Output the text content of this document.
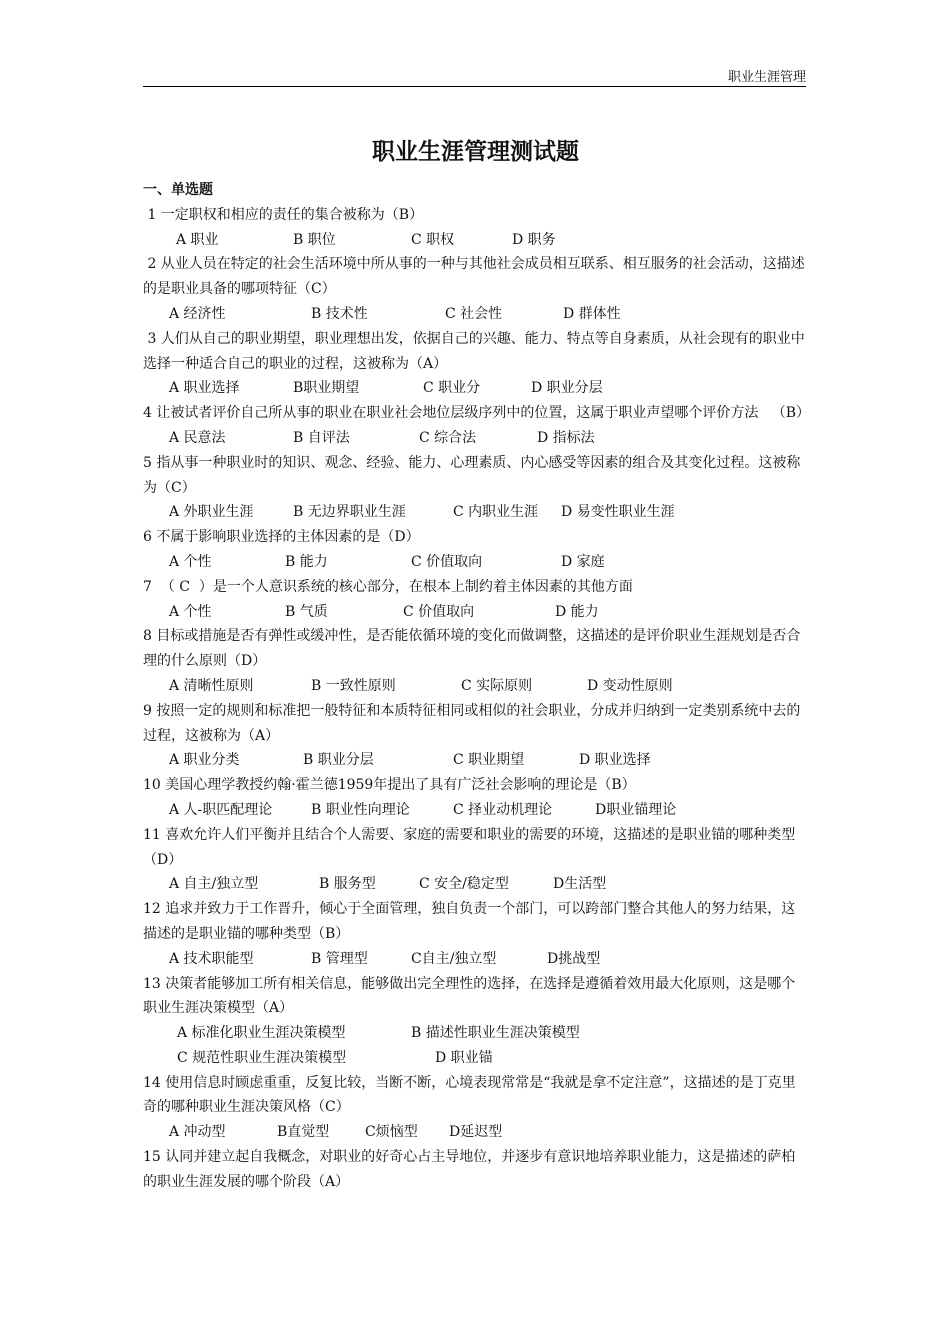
职业生涯管理
职业生涯管理测试题
一、单选题
1 一定职权和相应的责任的集合被称为（B）
A 职业	B 职位	C 职权	D 职务
2 从业人员在特定的社会生活环境中所从事的一种与其他社会成员相互联系、相互服务的社会活动，这描述的是职业具备的哪项特征（C）
A 经济性	B 技术性	C 社会性	D 群体性
3 人们从自己的职业期望，职业理想出发，依据自己的兴趣、能力、特点等自身素质，从社会现有的职业中选择一种适合自己的职业的过程，这被称为（A）
A 职业选择	B职业期望	C 职业分	D 职业分层
4 让被试者评价自己所从事的职业在职业社会地位层级序列中的位置，这属于职业声望哪个评价方法   （B）
A 民意法	B 自评法	C 综合法	D 指标法
5 指从事一种职业时的知识、观念、经验、能力、心理素质、内心感受等因素的组合及其变化过程。这被称为（C）
A 外职业生涯	B 无边界职业生涯	C 内职业生涯 D 易变性职业生涯
6 不属于影响职业选择的主体因素的是（D）
A 个性	B 能力	C 价值取向	D 家庭
7  （ C  ）是一个人意识系统的核心部分，在根本上制约着主体因素的其他方面
A 个性	B 气质	C 价值取向	D 能力
8 目标或措施是否有弹性或缓冲性，是否能依循环境的变化而做调整，这描述的是评价职业生涯规划是否合理的什么原则（D）
A 清晰性原则	B 一致性原则	C 实际原则	D 变动性原则
9 按照一定的规则和标准把一般特征和本质特征相同或相似的社会职业，分成并归纳到一定类别系统中去的过程，这被称为（A）
A 职业分类	B 职业分层	C 职业期望	D 职业选择
10 美国心理学教授约翰·霍兰德1959年提出了具有广泛社会影响的理论是（B）
A 人-职匹配理论	B 职业性向理论	C 择业动机理论	D职业锚理论
11 喜欢允许人们平衡并且结合个人需要、家庭的需要和职业的需要的环境，这描述的是职业锚的哪种类型（D）
A 自主/独立型	B 服务型	C 安全/稳定型	D生活型
12 追求并致力于工作晋升，倾心于全面管理，独自负责一个部门，可以跨部门整合其他人的努力结果，这描述的是职业锚的哪种类型（B）
A 技术职能型	B 管理型	C自主/独立型	D挑战型
13 决策者能够加工所有相关信息，能够做出完全理性的选择，在选择是遵循着效用最大化原则，这是哪个职业生涯决策模型（A）
A 标准化职业生涯决策模型	B 描述性职业生涯决策模型
C 规范性职业生涯决策模型	D 职业锚
14 使用信息时顾虑重重，反复比较，当断不断，心境表现常常是“我就是拿不定注意”，这描述的是丁克里奇的哪种职业生涯决策风格（C）
A 冲动型	B直觉型	C烦恼型 D延迟型
15 认同并建立起自我概念，对职业的好奇心占主导地位，并逐步有意识地培养职业能力，这是描述的萨柏的职业生涯发展的哪个阶段（A）
